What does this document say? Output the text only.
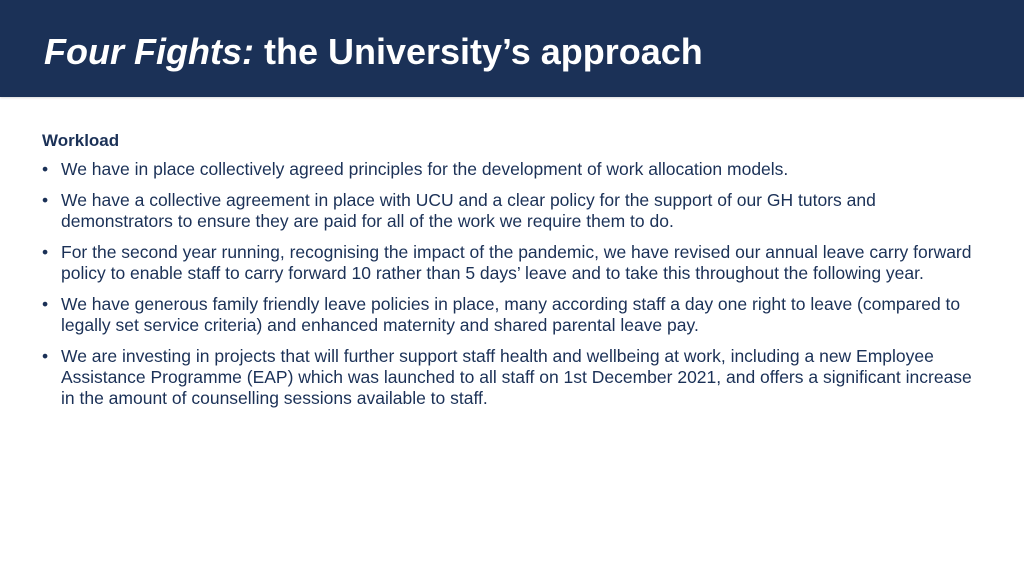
Four Fights: the University’s approach
Workload
• We have in place collectively agreed principles for the development of work allocation models.
• We have a collective agreement in place with UCU and a clear policy for the support of our GH tutors and demonstrators to ensure they are paid for all of the work we require them to do.
• For the second year running, recognising the impact of the pandemic, we have revised our annual leave carry forward policy to enable staff to carry forward 10 rather than 5 days’ leave and to take this throughout the following year.
• We have generous family friendly leave policies in place, many according staff a day one right to leave (compared to legally set service criteria) and enhanced maternity and shared parental leave pay.
• We are investing in projects that will further support staff health and wellbeing at work, including a new Employee Assistance Programme (EAP) which was launched to all staff on 1st December 2021, and offers a significant increase in the amount of counselling sessions available to staff.
